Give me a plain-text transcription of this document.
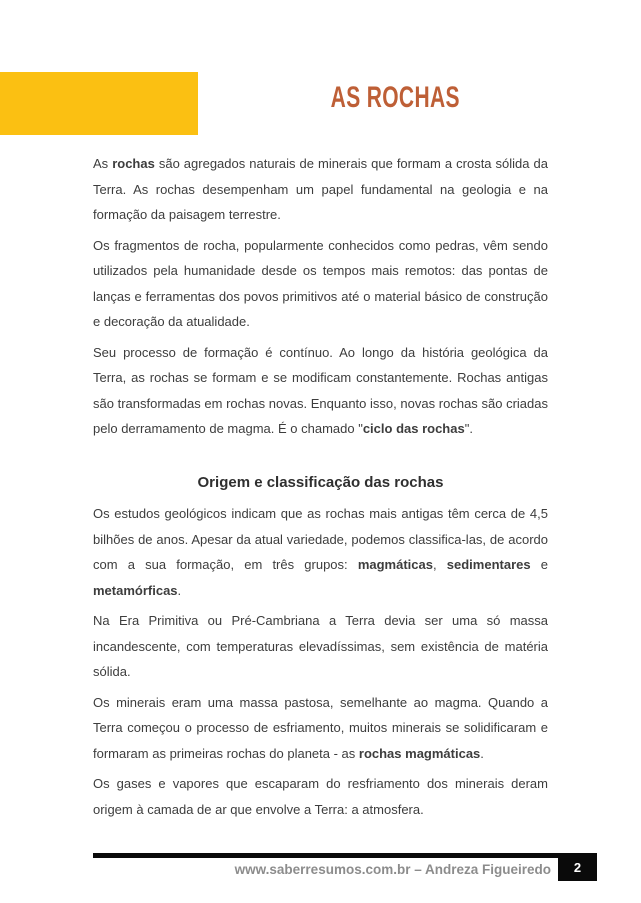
AS ROCHAS

As rochas são agregados naturais de minerais que formam a crosta sólida da Terra. As rochas desempenham um papel fundamental na geologia e na formação da paisagem terrestre.

Os fragmentos de rocha, popularmente conhecidos como pedras, vêm sendo utilizados pela humanidade desde os tempos mais remotos: das pontas de lanças e ferramentas dos povos primitivos até o material básico de construção e decoração da atualidade.

Seu processo de formação é contínuo. Ao longo da história geológica da Terra, as rochas se formam e se modificam constantemente. Rochas antigas são transformadas em rochas novas. Enquanto isso, novas rochas são criadas pelo derramamento de magma. É o chamado "ciclo das rochas".

Origem e classificação das rochas

Os estudos geológicos indicam que as rochas mais antigas têm cerca de 4,5 bilhões de anos. Apesar da atual variedade, podemos classifica-las, de acordo com a sua formação, em três grupos: magmáticas, sedimentares e metamórficas.

Na Era Primitiva ou Pré-Cambriana a Terra devia ser uma só massa incandescente, com temperaturas elevadíssimas, sem existência de matéria sólida.

Os minerais eram uma massa pastosa, semelhante ao magma. Quando a Terra começou o processo de esfriamento, muitos minerais se solidificaram e formaram as primeiras rochas do planeta - as rochas magmáticas.

Os gases e vapores que escaparam do resfriamento dos minerais deram origem à camada de ar que envolve a Terra: a atmosfera.

www.saberresumos.com.br – Andreza Figueiredo 2
